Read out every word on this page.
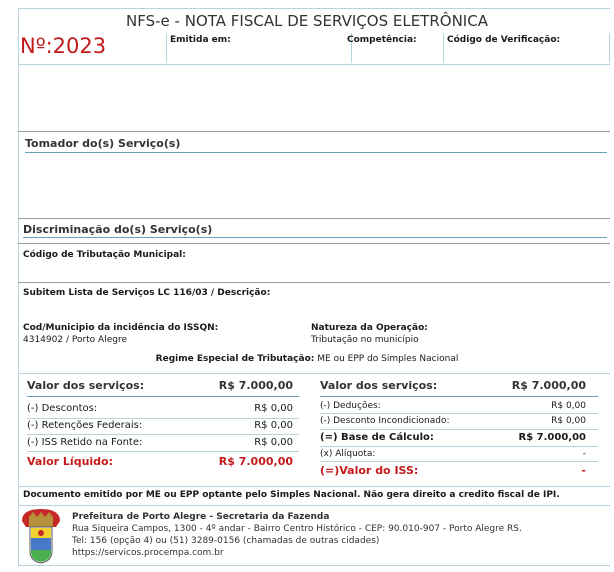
NFS-e - NOTA FISCAL DE SERVIÇOS ELETRÔNICA
Nº:2023	Emitida em:	Competência:	Código de Verificação:
Tomador do(s) Serviço(s)
Discriminação do(s) Serviço(s)
Código de Tributação Municipal:
Subitem Lista de Serviços LC 116/03 / Descrição:
Cod/Municipio da incidência do ISSQN:
4314902 / Porto Alegre
Natureza da Operação:
Tributação no município
Regime Especial de Tributação: ME ou EPP do Simples Nacional
Valor dos serviços:	R$ 7.000,00
(-) Descontos:	R$ 0,00
(-) Retenções Federais:	R$ 0,00
(-) ISS Retido na Fonte:	R$ 0,00
Valor Líquido:	R$ 7.000,00
Valor dos serviços:	R$ 7.000,00
(-) Deduções:	R$ 0,00
(-) Desconto Incondicionado:	R$ 0,00
(=) Base de Cálculo:	R$ 7.000,00
(x) Alíquota:	-
(=)Valor do ISS:	-
Documento emitido por ME ou EPP optante pelo Simples Nacional. Não gera direito a credito fiscal de IPI.
Prefeitura de Porto Alegre - Secretaria da Fazenda
Rua Siqueira Campos, 1300 - 4º andar - Bairro Centro Histórico - CEP: 90.010-907 - Porto Alegre RS.
Tel: 156 (opção 4) ou (51) 3289-0156 (chamadas de outras cidades)
https://servicos.procempa.com.br
